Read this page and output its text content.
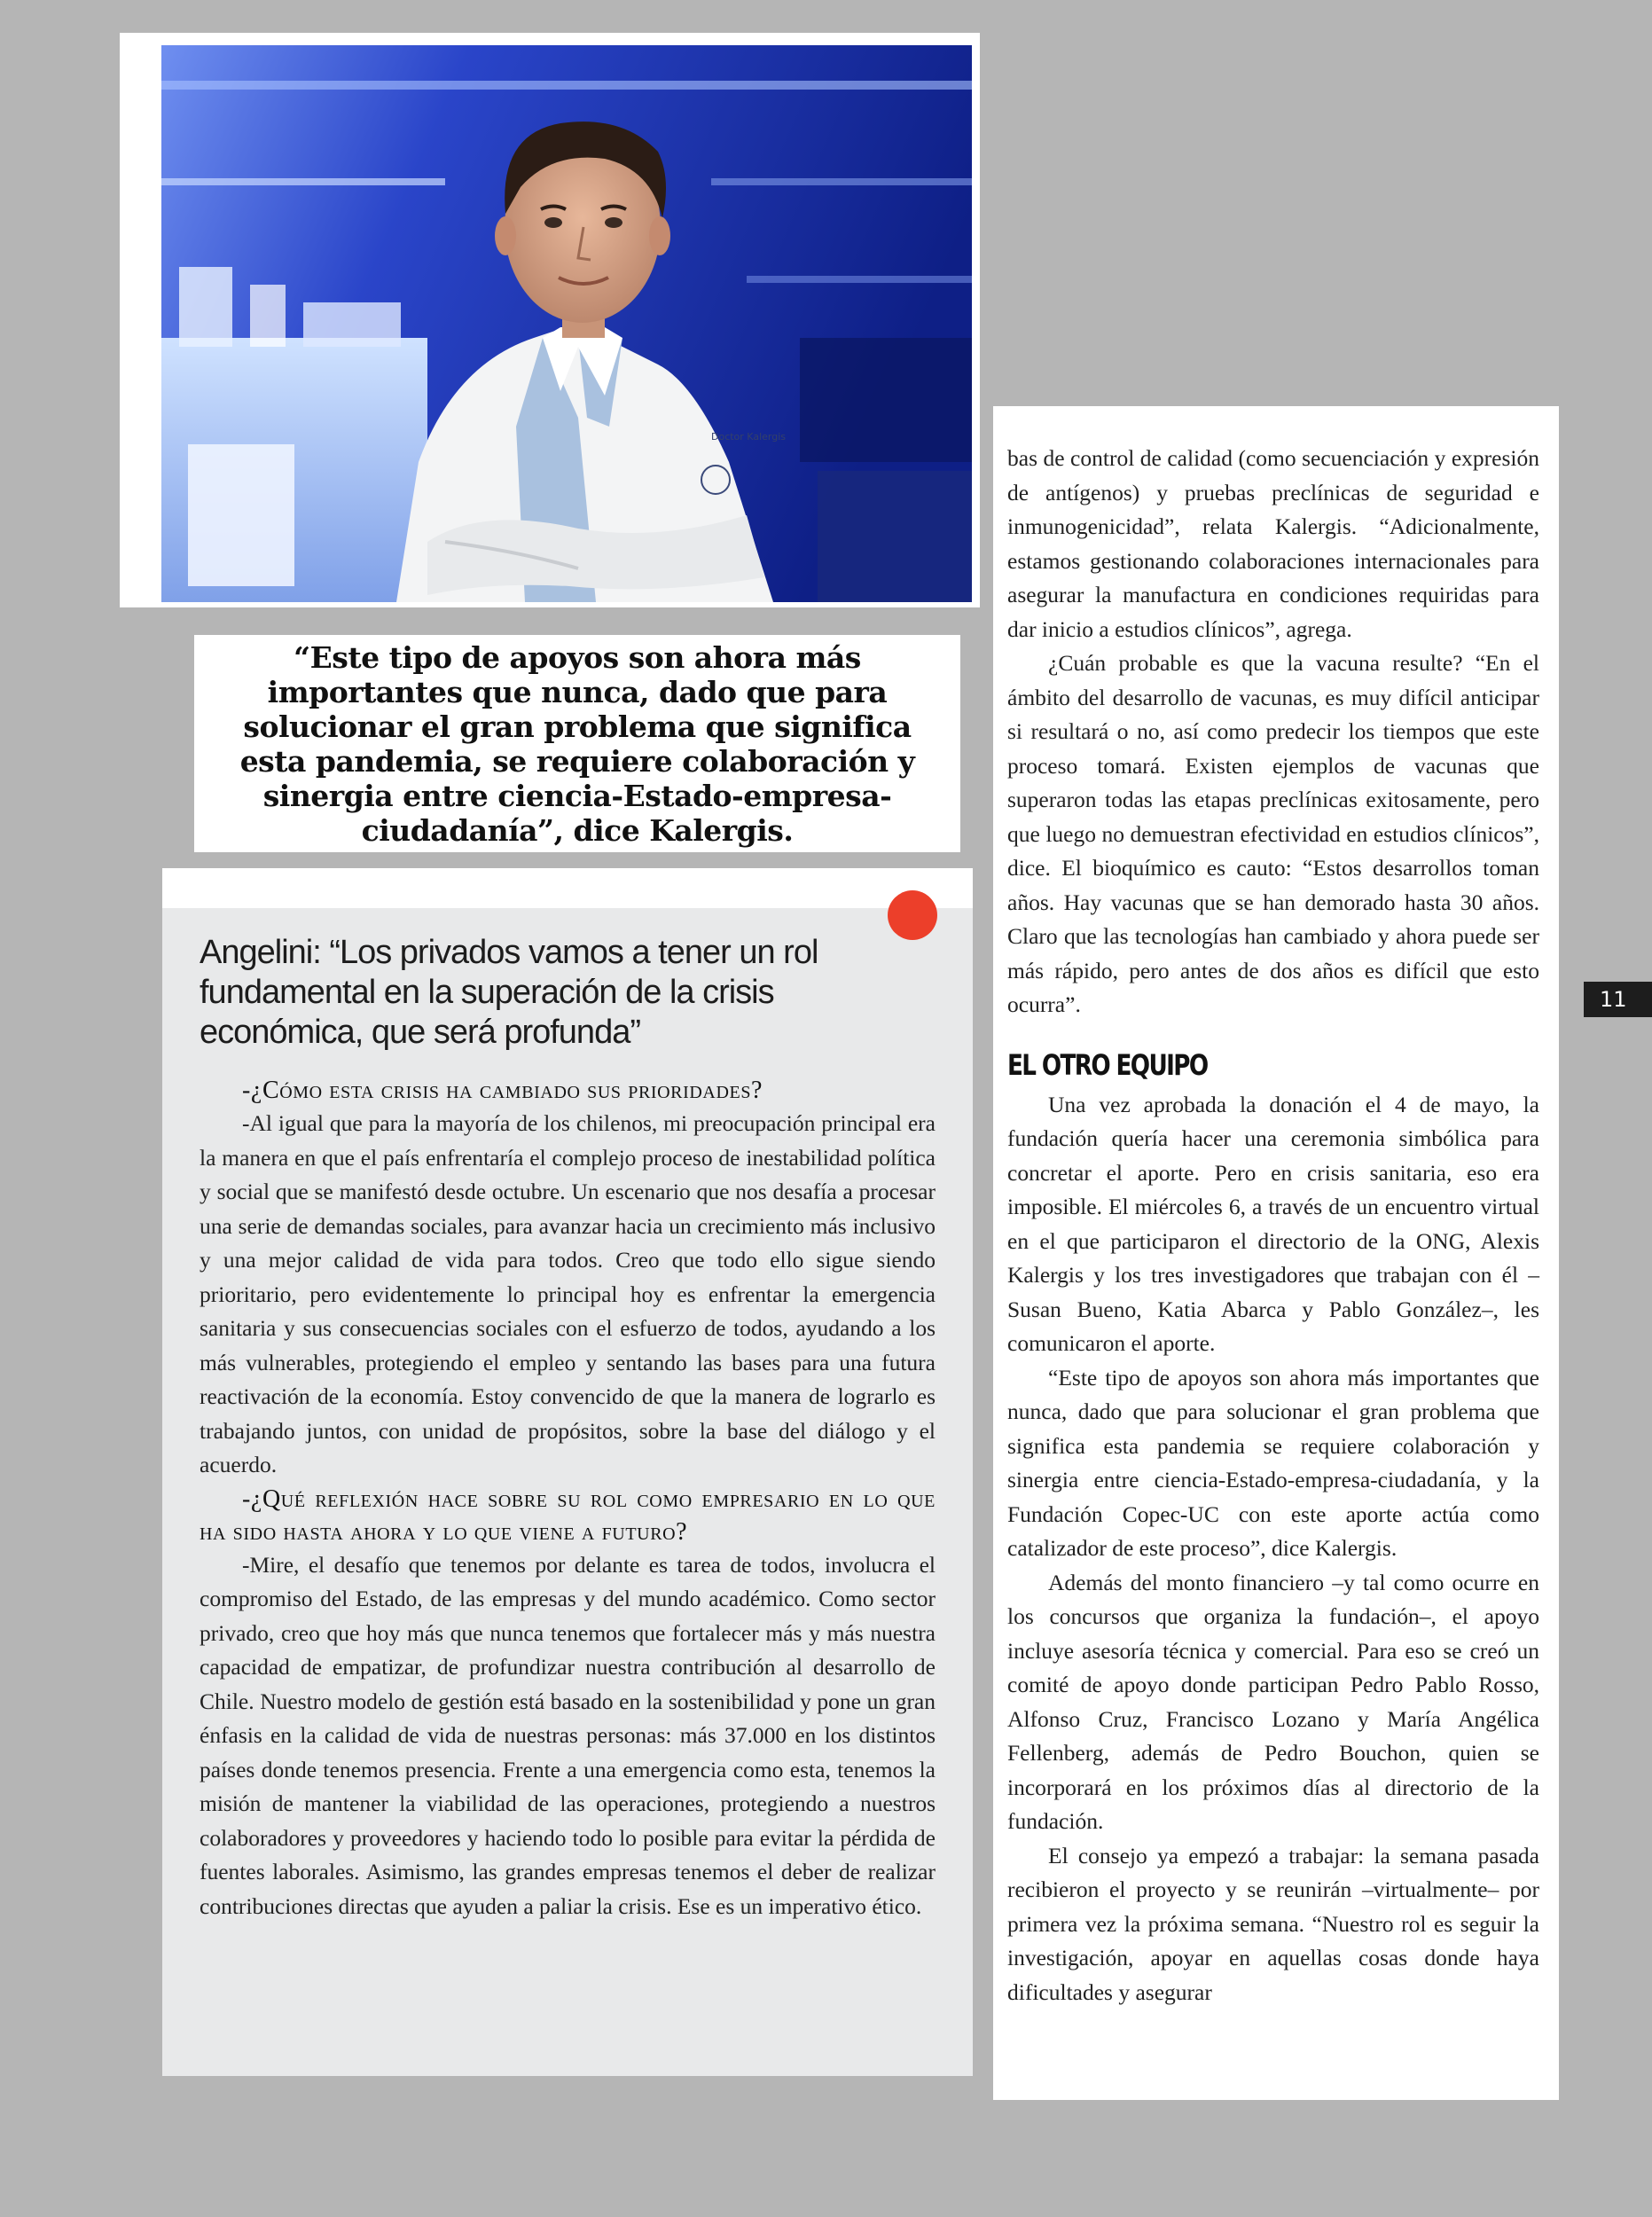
Doctor Kalergis

“Este tipo de apoyos son ahora más importantes que nunca, dado que para solucionar el gran problema que significa esta pandemia, se requiere colaboración y sinergia entre ciencia-Estado-empresa-ciudadanía”, dice Kalergis.

Angelini: “Los privados vamos a tener un rol fundamental en la superación de la crisis económica, que será profunda”

-¿Cómo esta crisis ha cambiado sus prioridades?

-Al igual que para la mayoría de los chilenos, mi preocupación principal era la manera en que el país enfrentaría el complejo proceso de inestabilidad política y social que se manifestó desde octubre. Un escenario que nos desafía a procesar una serie de demandas sociales, para avanzar hacia un crecimiento más inclusivo y una mejor calidad de vida para todos. Creo que todo ello sigue siendo prioritario, pero evidentemente lo principal hoy es enfrentar la emergencia sanitaria y sus consecuencias sociales con el esfuerzo de todos, ayudando a los más vulnerables, protegiendo el empleo y sentando las bases para una futura reactivación de la economía. Estoy convencido de que la manera de lograrlo es trabajando juntos, con unidad de propósitos, sobre la base del diálogo y el acuerdo.

-¿Qué reflexión hace sobre su rol como empresario en lo que ha sido hasta ahora y lo que viene a futuro?

-Mire, el desafío que tenemos por delante es tarea de todos, involucra el compromiso del Estado, de las empresas y del mundo académico. Como sector privado, creo que hoy más que nunca tenemos que fortalecer más y más nuestra capacidad de empatizar, de profundizar nuestra contribución al desarrollo de Chile. Nuestro modelo de gestión está basado en la sostenibilidad y pone un gran énfasis en la calidad de vida de nuestras personas: más 37.000 en los distintos países donde tenemos presencia. Frente a una emergencia como esta, tenemos la misión de mantener la viabilidad de las operaciones, protegiendo a nuestros colaboradores y proveedores y haciendo todo lo posible para evitar la pérdida de fuentes laborales. Asimismo, las grandes empresas tenemos el deber de realizar contribuciones directas que ayuden a paliar la crisis. Ese es un imperativo ético.

bas de control de calidad (como secuenciación y expresión de antígenos) y pruebas preclínicas de seguridad e inmunogenicidad”, relata Kalergis. “Adicionalmente, estamos gestionando colaboraciones internacionales para asegurar la manufactura en condiciones requiridas para dar inicio a estudios clínicos”, agrega.

¿Cuán probable es que la vacuna resulte? “En el ámbito del desarrollo de vacunas, es muy difícil anticipar si resultará o no, así como predecir los tiempos que este proceso tomará. Existen ejemplos de vacunas que superaron todas las etapas preclínicas exitosamente, pero que luego no demuestran efectividad en estudios clínicos”, dice. El bioquímico es cauto: “Estos desarrollos toman años. Hay vacunas que se han demorado hasta 30 años. Claro que las tecnologías han cambiado y ahora puede ser más rápido, pero antes de dos años es difícil que esto ocurra”.

EL OTRO EQUIPO

Una vez aprobada la donación el 4 de mayo, la fundación quería hacer una ceremonia simbólica para concretar el aporte. Pero en crisis sanitaria, eso era imposible. El miércoles 6, a través de un encuentro virtual en el que participaron el directorio de la ONG, Alexis Kalergis y los tres investigadores que trabajan con él –Susan Bueno, Katia Abarca y Pablo González–, les comunicaron el aporte.

“Este tipo de apoyos son ahora más importantes que nunca, dado que para solucionar el gran problema que significa esta pandemia se requiere colaboración y sinergia entre ciencia-Estado-empresa-ciudadanía, y la Fundación Copec-UC con este aporte actúa como catalizador de este proceso”, dice Kalergis.

Además del monto financiero –y tal como ocurre en los concursos que organiza la fundación–, el apoyo incluye asesoría técnica y comercial. Para eso se creó un comité de apoyo donde participan Pedro Pablo Rosso, Alfonso Cruz, Francisco Lozano y María Angélica Fellenberg, además de Pedro Bouchon, quien se incorporará en los próximos días al directorio de la fundación.

El consejo ya empezó a trabajar: la semana pasada recibieron el proyecto y se reunirán –virtualmente– por primera vez la próxima semana. “Nuestro rol es seguir la investigación, apoyar en aquellas cosas donde haya dificultades y asegurar

11
